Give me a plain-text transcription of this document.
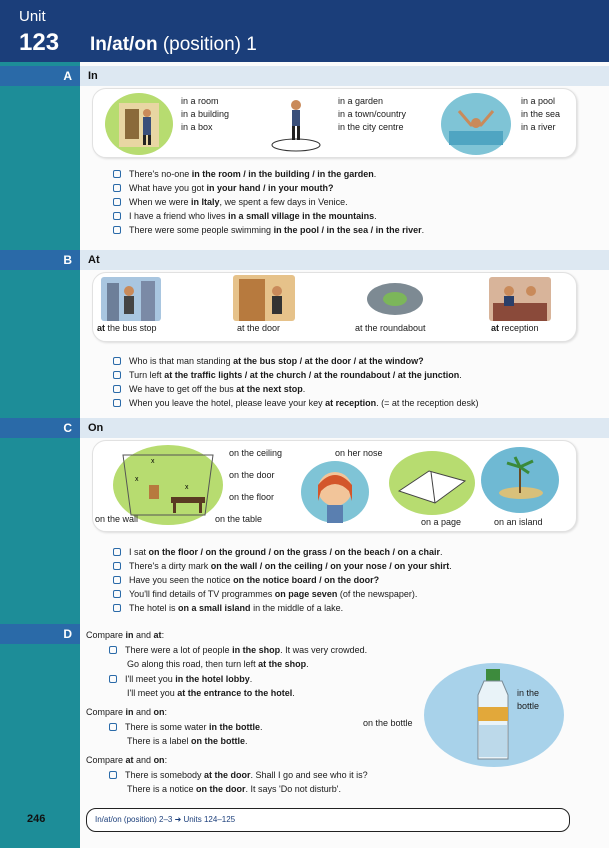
Unit
123 In/at/on (position) 1
A In
in a room
in a building
in a box
in a garden
in a town/country
in the city centre
in a pool
in the sea
in a river
There's no-one in the room / in the building / in the garden.
What have you got in your hand / in your mouth?
When we were in Italy, we spent a few days in Venice.
I have a friend who lives in a small village in the mountains.
There were some people swimming in the pool / in the sea / in the river.
B At
at the bus stop	at the door	at the roundabout	at reception
Who is that man standing at the bus stop / at the door / at the window?
Turn left at the traffic lights / at the church / at the roundabout / at the junction.
We have to get off the bus at the next stop.
When you leave the hotel, please leave your key at reception. (= at the reception desk)
C On
x
x
x
on the ceiling
on the door
on the floor
on the wall	on the table
on her nose
on a page	on an island
I sat on the floor / on the ground / on the grass / on the beach / on a chair.
There's a dirty mark on the wall / on the ceiling / on your nose / on your shirt.
Have you seen the notice on the notice board / on the door?
You'll find details of TV programmes on page seven (of the newspaper).
The hotel is on a small island in the middle of a lake.
D Compare in and at:
There were a lot of people in the shop. It was very crowded.
Go along this road, then turn left at the shop.
I'll meet you in the hotel lobby.
I'll meet you at the entrance to the hotel.
Compare in and on:
There is some water in the bottle.
There is a label on the bottle.
Compare at and on:
There is somebody at the door. Shall I go and see who it is?
There is a notice on the door. It says 'Do not disturb'.
in the
bottle
on the bottle
246	In/at/on (position) 2–3 ➜ Units 124–125
